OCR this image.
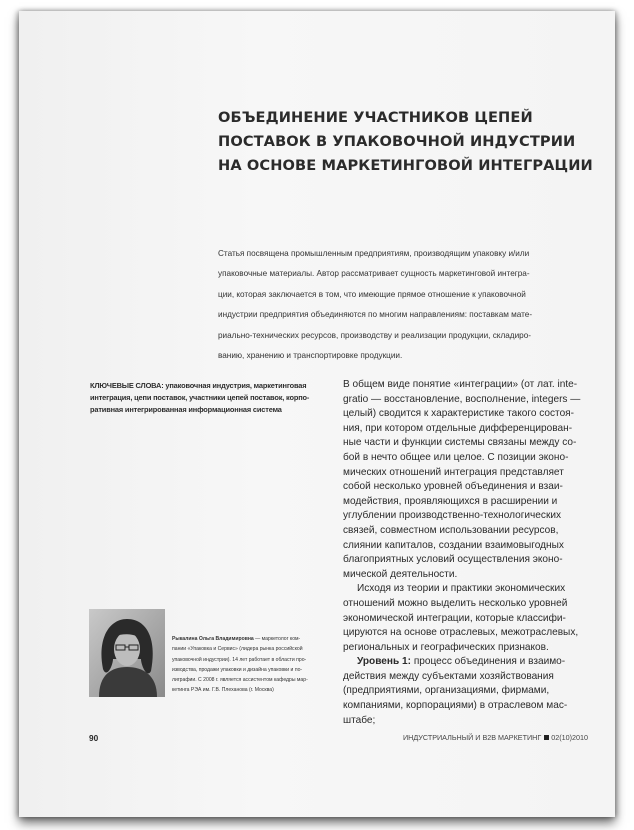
ОБЪЕДИНЕНИЕ УЧАСТНИКОВ ЦЕПЕЙ
ПОСТАВОК В УПАКОВОЧНОЙ ИНДУСТРИИ
НА ОСНОВЕ МАРКЕТИНГОВОЙ ИНТЕГРАЦИИ

Статья посвящена промышленным предприятиям, производящим упаковку и/или
упаковочные материалы. Автор рассматривает сущность маркетинговой интегра-
ции, которая заключается в том, что имеющие прямое отношение к упаковочной
индустрии предприятия объединяются по многим направлениям: поставкам мате-
риально-технических ресурсов, производству и реализации продукции, складиро-
ванию, хранению и транспортировке продукции.

КЛЮЧЕВЫЕ СЛОВА: упаковочная индустрия, маркетинговая
интеграция, цепи поставок, участники цепей поставок, корпо-
ративная интегрированная информационная система

В общем виде понятие «интеграции» (от лат. inte-
gratio — восстановление, восполнение, integers —
целый) сводится к характеристике такого состоя-
ния, при котором отдельные дифференцирован-
ные части и функции системы связаны между со-
бой в нечто общее или целое. С позиции эконо-
мических отношений интеграция представляет
собой несколько уровней объединения и взаи-
модействия, проявляющихся в расширении и
углублении производственно-технологических
связей, совместном использовании ресурсов,
слиянии капиталов, создании взаимовыгодных
благоприятных условий осуществления эконо-
мической деятельности.
Исходя из теории и практики экономических
отношений можно выделить несколько уровней
экономической интеграции, которые классифи-
цируются на основе отраслевых, межотраслевых,
региональных и географических признаков.
Уровень 1: процесс объединения и взаимо-
действия между субъектами хозяйствования
(предприятиями, организациями, фирмами,
компаниями, корпорациями) в отраслевом мас-
штабе;

Рыкалина Ольга Владимировна — маркетолог ком-
пании «Упаковка и Сервис» (лидера рынка российской
упаковочной индустрии). 14 лет работает в области про-
изводства, продажи упаковки и дизайна упаковки и по-
лиграфии. С 2008 г. является ассистентом кафедры мар-
кетинга РЭА им. Г.В. Плеханова (г. Москва)

90	ИНДУСТРИАЛЬНЫЙ И B2B МАРКЕТИНГ 02(10)2010
